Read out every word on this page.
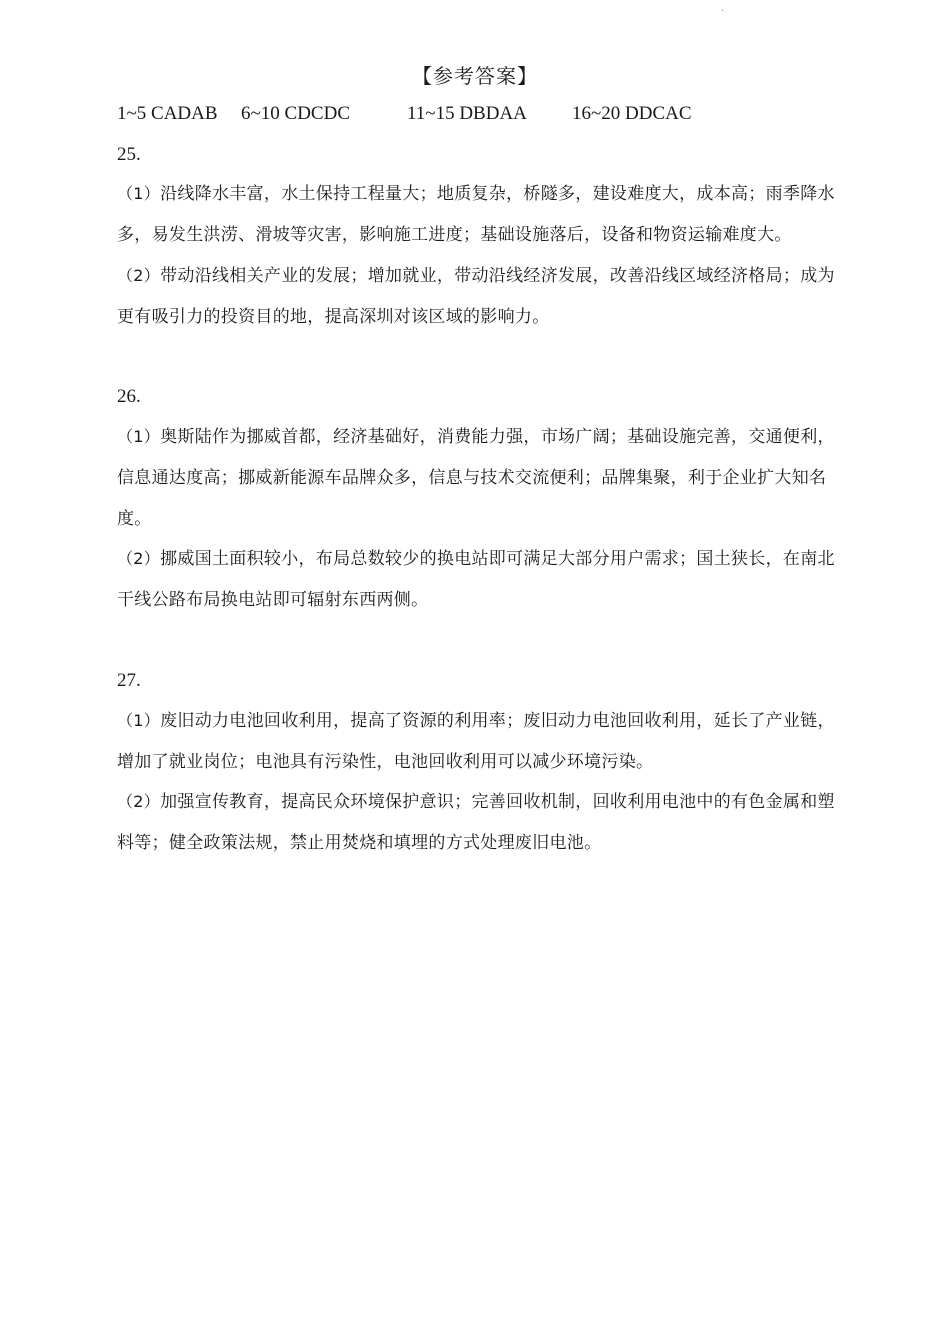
·
【参考答案】
1~5 CADAB 6~10 CDCDC	11~15 DBDAA 16~20 DDCAC
25.
（1）沿线降水丰富，水土保持工程量大；地质复杂，桥隧多，建设难度大，成本高；雨季降水多，易发生洪涝、滑坡等灾害，影响施工进度；基础设施落后，设备和物资运输难度大。
（2）带动沿线相关产业的发展；增加就业，带动沿线经济发展，改善沿线区域经济格局；成为更有吸引力的投资目的地，提高深圳对该区域的影响力。
26.
（1）奥斯陆作为挪威首都，经济基础好，消费能力强，市场广阔；基础设施完善，交通便利，信息通达度高；挪威新能源车品牌众多，信息与技术交流便利；品牌集聚，利于企业扩大知名度。
（2）挪威国土面积较小，布局总数较少的换电站即可满足大部分用户需求；国土狭长，在南北干线公路布局换电站即可辐射东西两侧。
27.
（1）废旧动力电池回收利用，提高了资源的利用率；废旧动力电池回收利用，延长了产业链，增加了就业岗位；电池具有污染性，电池回收利用可以减少环境污染。
（2）加强宣传教育，提高民众环境保护意识；完善回收机制，回收利用电池中的有色金属和塑料等；健全政策法规，禁止用焚烧和填埋的方式处理废旧电池。
